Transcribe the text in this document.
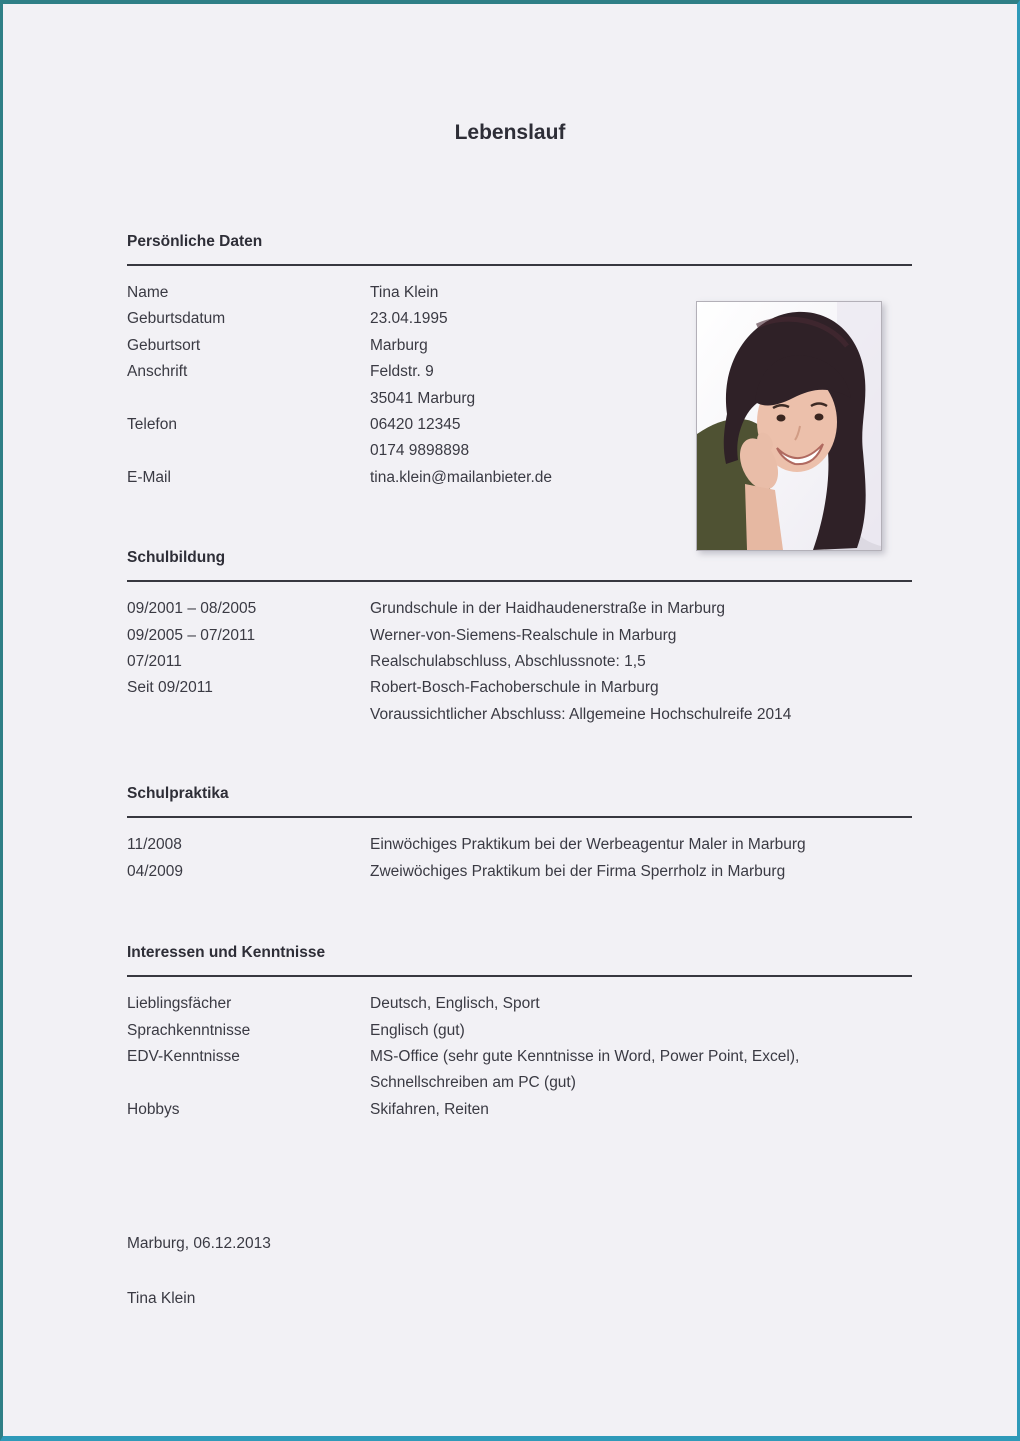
Lebenslauf
Persönliche Daten
Name	Tina Klein
Geburtsdatum	23.04.1995
Geburtsort	Marburg
Anschrift	Feldstr. 9
35041 Marburg
Telefon	06420 12345
0174 9898898
E-Mail	tina.klein@mailanbieter.de
Schulbildung
09/2001 – 08/2005	Grundschule in der Haidhaudenerstraße in Marburg
09/2005 – 07/2011	Werner-von-Siemens-Realschule in Marburg
07/2011	Realschulabschluss, Abschlussnote: 1,5
Seit 09/2011	Robert-Bosch-Fachoberschule in Marburg
Voraussichtlicher Abschluss: Allgemeine Hochschulreife 2014
Schulpraktika
11/2008	Einwöchiges Praktikum bei der Werbeagentur Maler in Marburg
04/2009	Zweiwöchiges Praktikum bei der Firma Sperrholz in Marburg
Interessen und Kenntnisse
Lieblingsfächer	Deutsch, Englisch, Sport
Sprachkenntnisse	Englisch (gut)
EDV-Kenntnisse	MS-Office (sehr gute Kenntnisse in Word, Power Point, Excel),
Schnellschreiben am PC (gut)
Hobbys	Skifahren, Reiten
Marburg, 06.12.2013
Tina Klein
